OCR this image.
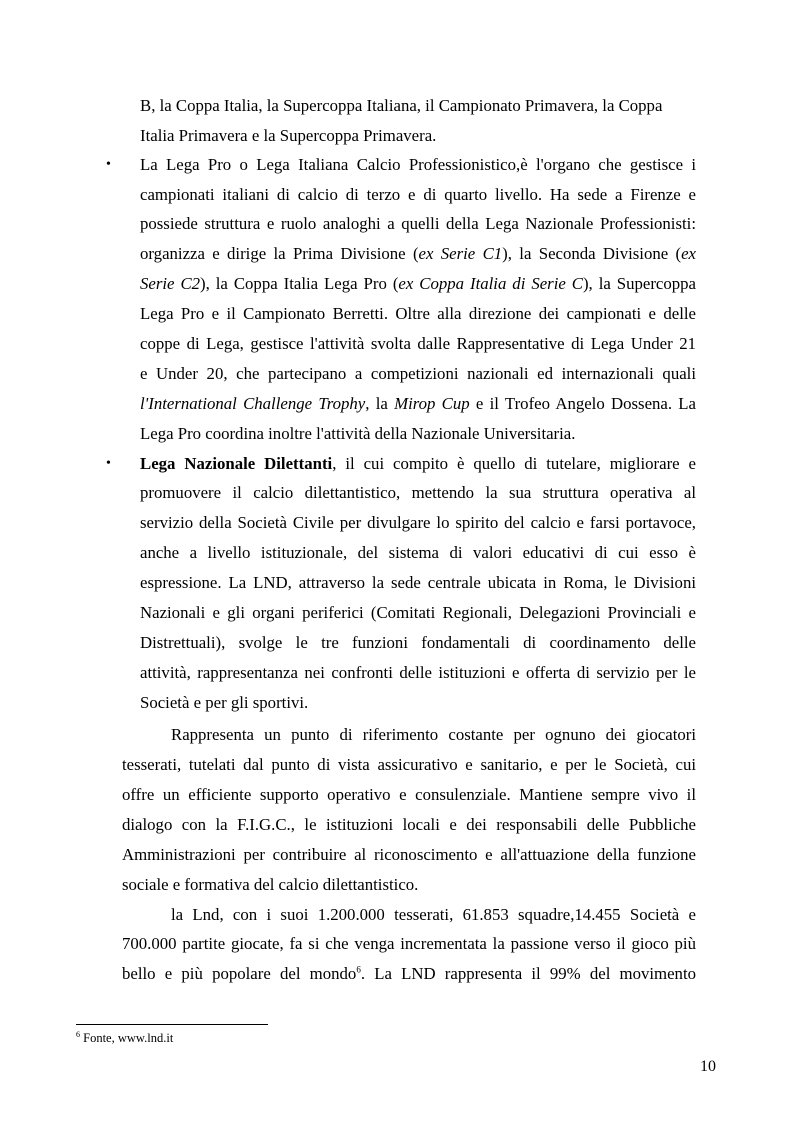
B, la Coppa Italia, la Supercoppa Italiana, il Campionato Primavera, la Coppa
Italia Primavera e la Supercoppa Primavera.
• La Lega Pro o Lega Italiana Calcio Professionistico,è l'organo che gestisce i
campionati italiani di calcio di terzo e di quarto livello. Ha sede a Firenze e
possiede struttura e ruolo analoghi a quelli della Lega Nazionale Professionisti:
organizza e dirige la Prima Divisione (ex Serie C1), la Seconda Divisione (ex
Serie C2), la Coppa Italia Lega Pro (ex Coppa Italia di Serie C), la Supercoppa
Lega Pro e il Campionato Berretti. Oltre alla direzione dei campionati e delle
coppe di Lega, gestisce l'attività svolta dalle Rappresentative di Lega Under 21
e Under 20, che partecipano a competizioni nazionali ed internazionali quali
l'International Challenge Trophy, la Mirop Cup e il Trofeo Angelo Dossena. La
Lega Pro coordina inoltre l'attività della Nazionale Universitaria.
• Lega Nazionale Dilettanti, il cui compito è quello di tutelare, migliorare e
promuovere il calcio dilettantistico, mettendo la sua struttura operativa al
servizio della Società Civile per divulgare lo spirito del calcio e farsi portavoce,
anche a livello istituzionale, del sistema di valori educativi di cui esso è
espressione. La LND, attraverso la sede centrale ubicata in Roma, le Divisioni
Nazionali e gli organi periferici (Comitati Regionali, Delegazioni Provinciali e
Distrettuali), svolge le tre funzioni fondamentali di coordinamento delle
attività, rappresentanza nei confronti delle istituzioni e offerta di servizio per le
Società e per gli sportivi.
Rappresenta un punto di riferimento costante per ognuno dei giocatori
tesserati, tutelati dal punto di vista assicurativo e sanitario, e per le Società, cui
offre un efficiente supporto operativo e consulenziale. Mantiene sempre vivo il
dialogo con la F.I.G.C., le istituzioni locali e dei responsabili delle Pubbliche
Amministrazioni per contribuire al riconoscimento e all'attuazione della funzione
sociale e formativa del calcio dilettantistico.
la Lnd, con i suoi 1.200.000 tesserati, 61.853 squadre,14.455 Società e
700.000 partite giocate, fa si che venga incrementata la passione verso il gioco più
bello e più popolare del mondo$^6$. La LND rappresenta il 99% del movimento
$^6$ Fonte, www.lnd.it
10
